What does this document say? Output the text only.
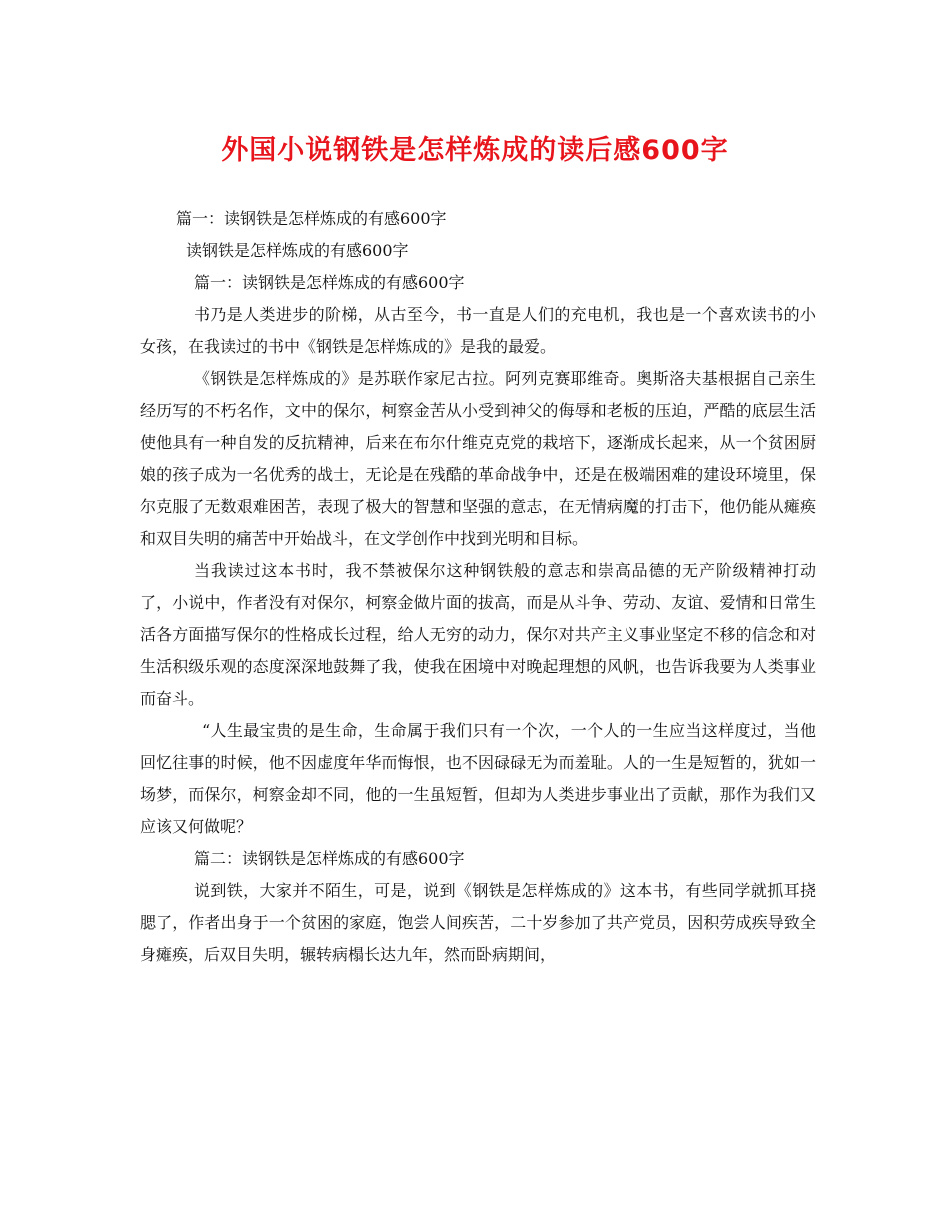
外国小说钢铁是怎样炼成的读后感600字

篇一：读钢铁是怎样炼成的有感600字

读钢铁是怎样炼成的有感600字

篇一：读钢铁是怎样炼成的有感600字

书乃是人类进步的阶梯，从古至今，书一直是人们的充电机，我也是一个喜欢读书的小女孩，在我读过的书中《钢铁是怎样炼成的》是我的最爱。

《钢铁是怎样炼成的》是苏联作家尼古拉。阿列克赛耶维奇。奥斯洛夫基根据自己亲生经历写的不朽名作，文中的保尔，柯察金苦从小受到神父的侮辱和老板的压迫，严酷的底层生活使他具有一种自发的反抗精神，后来在布尔什维克克党的栽培下，逐渐成长起来，从一个贫困厨娘的孩子成为一名优秀的战士，无论是在残酷的革命战争中，还是在极端困难的建设环境里，保尔克服了无数艰难困苦，表现了极大的智慧和坚强的意志，在无情病魔的打击下，他仍能从瘫痪和双目失明的痛苦中开始战斗，在文学创作中找到光明和目标。

当我读过这本书时，我不禁被保尔这种钢铁般的意志和崇高品德的无产阶级精神打动了，小说中，作者没有对保尔，柯察金做片面的拔高，而是从斗争、劳动、友谊、爱情和日常生活各方面描写保尔的性格成长过程，给人无穷的动力，保尔对共产主义事业坚定不移的信念和对生活积级乐观的态度深深地鼓舞了我，使我在困境中对晚起理想的风帆，也告诉我要为人类事业而奋斗。

“人生最宝贵的是生命，生命属于我们只有一个次，一个人的一生应当这样度过，当他回忆往事的时候，他不因虚度年华而悔恨，也不因碌碌无为而羞耻。人的一生是短暂的，犹如一场梦，而保尔，柯察金却不同，他的一生虽短暂，但却为人类进步事业出了贡献，那作为我们又应该又何做呢？

篇二：读钢铁是怎样炼成的有感600字

说到铁，大家并不陌生，可是，说到《钢铁是怎样炼成的》这本书，有些同学就抓耳挠腮了，作者出身于一个贫困的家庭，饱尝人间疾苦，二十岁参加了共产党员，因积劳成疾导致全身瘫痪，后双目失明，辗转病榻长达九年，然而卧病期间，
